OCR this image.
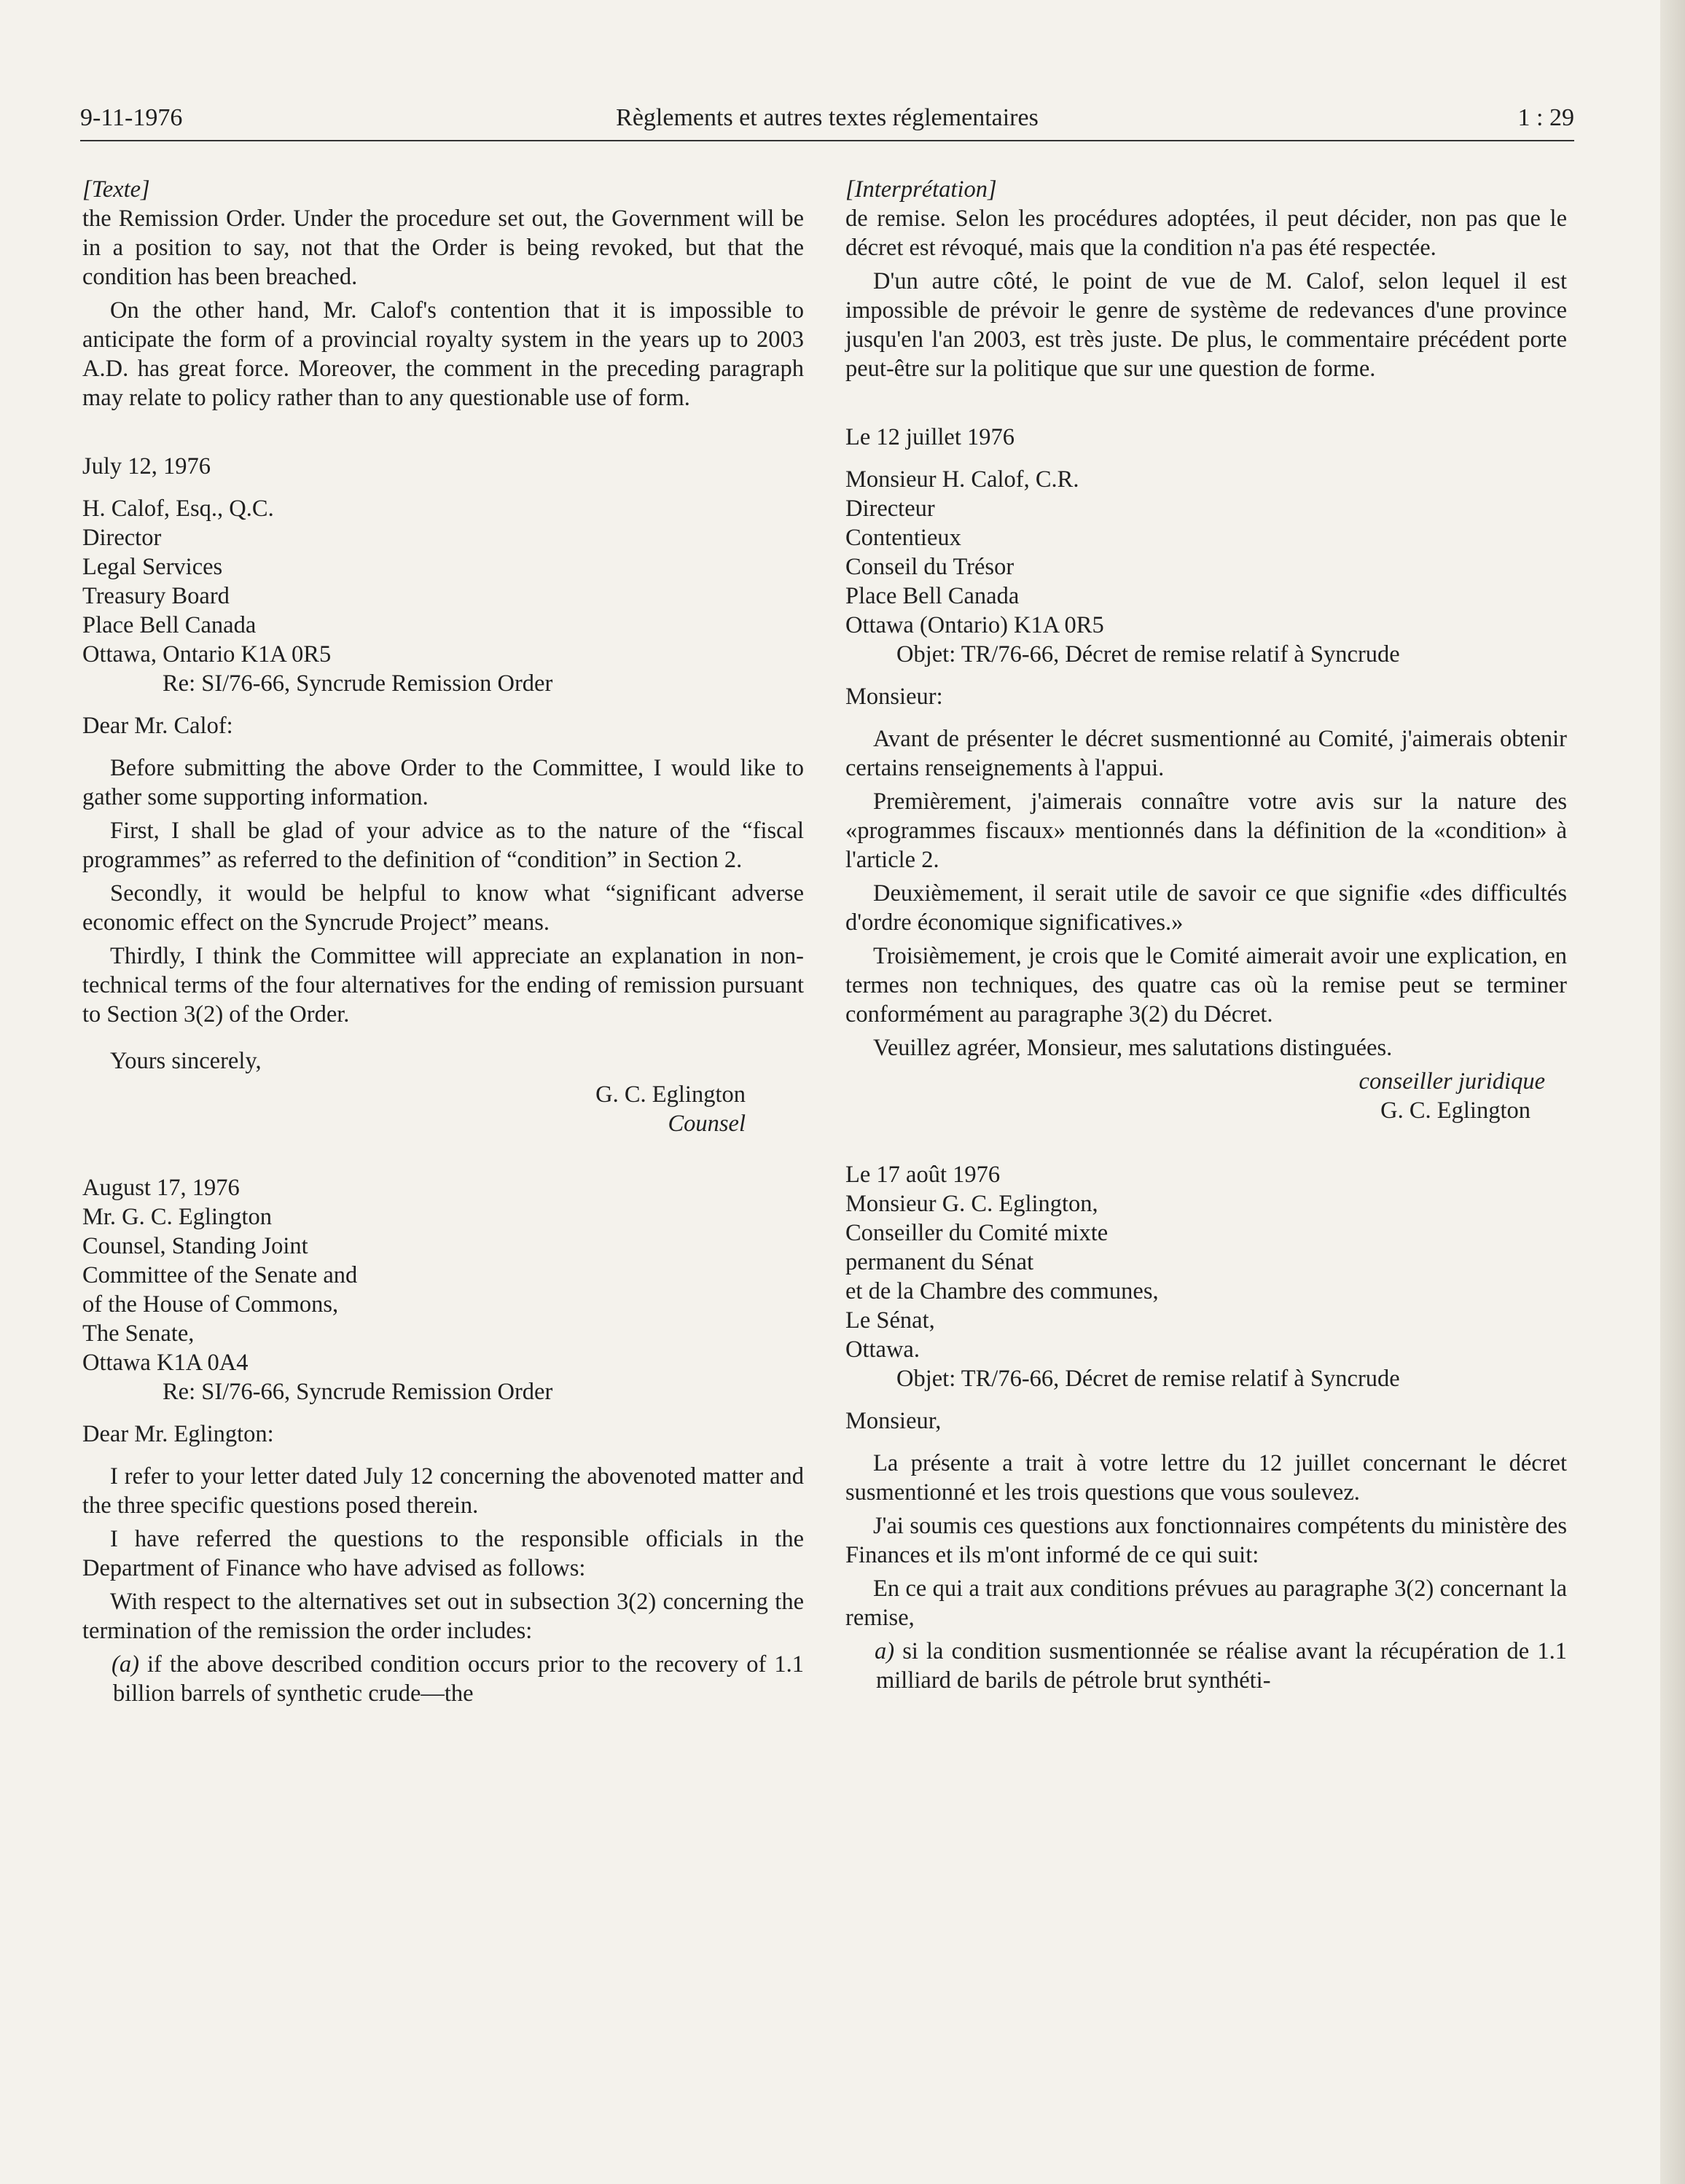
9-11-1976	Règlements et autres textes réglementaires	1 : 29

[Texte]

the Remission Order. Under the procedure set out, the Government will be in a position to say, not that the Order is being revoked, but that the condition has been breached.

On the other hand, Mr. Calof's contention that it is impossible to anticipate the form of a provincial royalty system in the years up to 2003 A.D. has great force. Moreover, the comment in the preceding paragraph may relate to policy rather than to any questionable use of form.

July 12, 1976

H. Calof, Esq., Q.C.

Director

Legal Services

Treasury Board

Place Bell Canada

Ottawa, Ontario K1A 0R5

Re: SI/76-66, Syncrude Remission Order

Dear Mr. Calof:

Before submitting the above Order to the Committee, I would like to gather some supporting information.

First, I shall be glad of your advice as to the nature of the “fiscal programmes” as referred to the definition of “condition” in Section 2.

Secondly, it would be helpful to know what “significant adverse economic effect on the Syncrude Project” means.

Thirdly, I think the Committee will appreciate an explanation in non-technical terms of the four alternatives for the ending of remission pursuant to Section 3(2) of the Order.

Yours sincerely,

G. C. Eglington

Counsel

August 17, 1976

Mr. G. C. Eglington

Counsel, Standing Joint

Committee of the Senate and

of the House of Commons,

The Senate,

Ottawa K1A 0A4

Re: SI/76-66, Syncrude Remission Order

Dear Mr. Eglington:

I refer to your letter dated July 12 concerning the abovenoted matter and the three specific questions posed therein.

I have referred the questions to the responsible officials in the Department of Finance who have advised as follows:

With respect to the alternatives set out in subsection 3(2) concerning the termination of the remission the order includes:

(a) if the above described condition occurs prior to the recovery of 1.1 billion barrels of synthetic crude—the

[Interprétation]

de remise. Selon les procédures adoptées, il peut décider, non pas que le décret est révoqué, mais que la condition n'a pas été respectée.

D'un autre côté, le point de vue de M. Calof, selon lequel il est impossible de prévoir le genre de système de redevances d'une province jusqu'en l'an 2003, est très juste. De plus, le commentaire précédent porte peut-être sur la politique que sur une question de forme.

Le 12 juillet 1976

Monsieur H. Calof, C.R.

Directeur

Contentieux

Conseil du Trésor

Place Bell Canada

Ottawa (Ontario) K1A 0R5

Objet: TR/76-66, Décret de remise relatif à Syncrude

Monsieur:

Avant de présenter le décret susmentionné au Comité, j'aimerais obtenir certains renseignements à l'appui.

Premièrement, j'aimerais connaître votre avis sur la nature des «programmes fiscaux» mentionnés dans la définition de la «condition» à l'article 2.

Deuxièmement, il serait utile de savoir ce que signifie «des difficultés d'ordre économique significatives.»

Troisièmement, je crois que le Comité aimerait avoir une explication, en termes non techniques, des quatre cas où la remise peut se terminer conformément au paragraphe 3(2) du Décret.

Veuillez agréer, Monsieur, mes salutations distinguées.

conseiller juridique

G. C. Eglington

Le 17 août 1976

Monsieur G. C. Eglington,

Conseiller du Comité mixte

permanent du Sénat

et de la Chambre des communes,

Le Sénat,

Ottawa.

Objet: TR/76-66, Décret de remise relatif à Syncrude

Monsieur,

La présente a trait à votre lettre du 12 juillet concernant le décret susmentionné et les trois questions que vous soulevez.

J'ai soumis ces questions aux fonctionnaires compétents du ministère des Finances et ils m'ont informé de ce qui suit:

En ce qui a trait aux conditions prévues au paragraphe 3(2) concernant la remise,

a) si la condition susmentionnée se réalise avant la récupération de 1.1 milliard de barils de pétrole brut synthéti-
